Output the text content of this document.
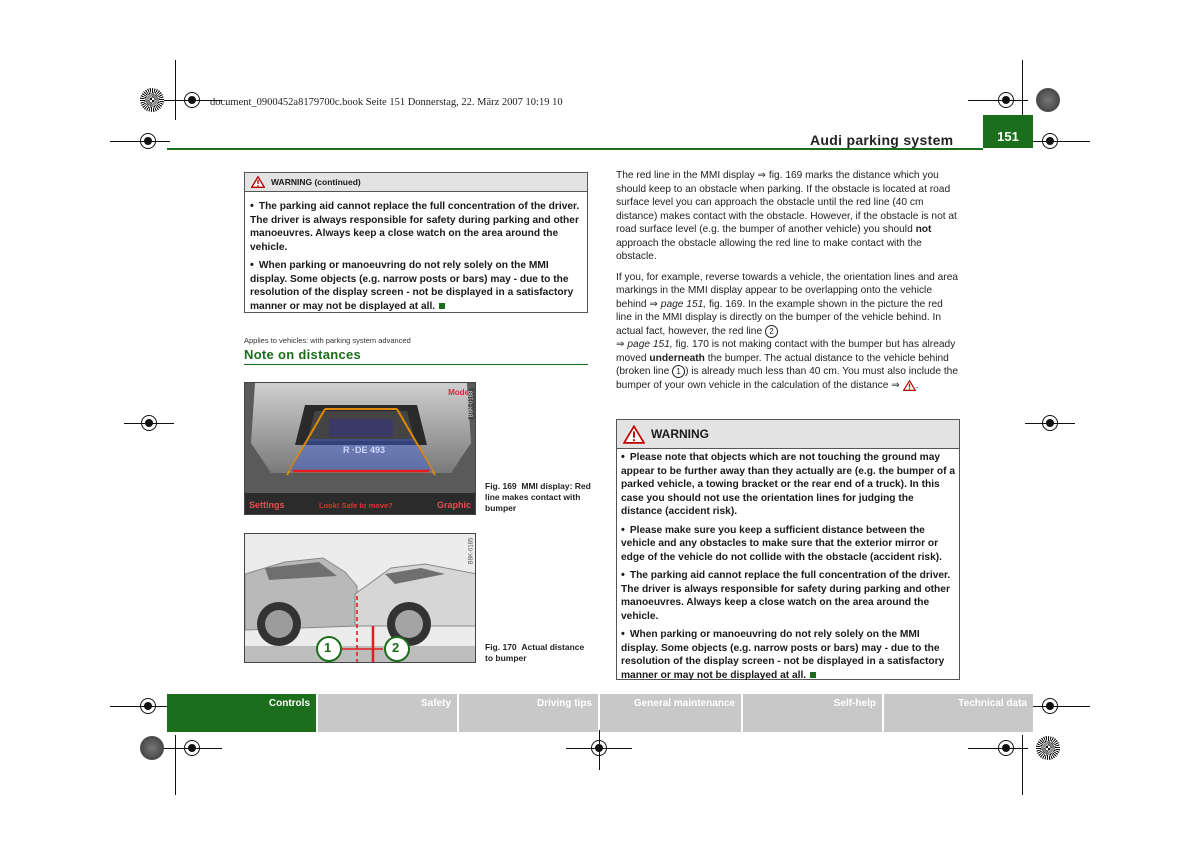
document_0900452a8179700c.book Seite 151 Donnerstag, 22. März 2007 10:19 10
Audi parking system	151
WARNING (continued)

• The parking aid cannot replace the full concentration of the driver. The driver is always responsible for safety during parking and other manoeuvres. Always keep a close watch on the area around the vehicle.

• When parking or manoeuvring do not rely solely on the MMI display. Some objects (e.g. narrow posts or bars) may - due to the resolution of the display screen - not be displayed in a satisfactory manner or may not be displayed at all.

Applies to vehicles: with parking system advanced
Note on distances
R ·DE 493
Mode B8K-0188
Settings	Look! Safe to move?	Graphic
Fig. 169 MMI display: Red line makes contact with bumper
1	2
B8K-0185
Fig. 170 Actual distance to bumper

The red line in the MMI display ⇒ fig. 169 marks the distance which you should keep to an obstacle when parking. If the obstacle is located at road surface level you can approach the obstacle until the red line (40 cm distance) makes contact with the obstacle. However, if the obstacle is not at road surface level (e.g. the bumper of another vehicle) you should not approach the obstacle allowing the red line to make contact with the obstacle.

If you, for example, reverse towards a vehicle, the orientation lines and area markings in the MMI display appear to be overlapping onto the vehicle behind ⇒ page 151, fig. 169. In the example shown in the picture the red line in the MMI display is directly on the bumper of the vehicle behind. In actual fact, however, the red line 2
⇒ page 151, fig. 170 is not making contact with the bumper but has already moved underneath the bumper. The actual distance to the vehicle behind (broken line 1 ) is already much less than 40 cm. You must also include the bumper of your own vehicle in the calculation of the distance ⇒ .

WARNING

• Please note that objects which are not touching the ground may appear to be further away than they actually are (e.g. the bumper of a parked vehicle, a towing bracket or the rear end of a truck). In this case you should not use the orientation lines for judging the distance (accident risk).

• Please make sure you keep a sufficient distance between the vehicle and any obstacles to make sure that the exterior mirror or edge of the vehicle do not collide with the obstacle (accident risk).

• The parking aid cannot replace the full concentration of the driver. The driver is always responsible for safety during parking and other manoeuvres. Always keep a close watch on the area around the vehicle.

• When parking or manoeuvring do not rely solely on the MMI display. Some objects (e.g. narrow posts or bars) may - due to the resolution of the display screen - not be displayed in a satisfactory manner or may not be displayed at all.

Controls	Safety	Driving tips	General maintenance	Self-help	Technical data
